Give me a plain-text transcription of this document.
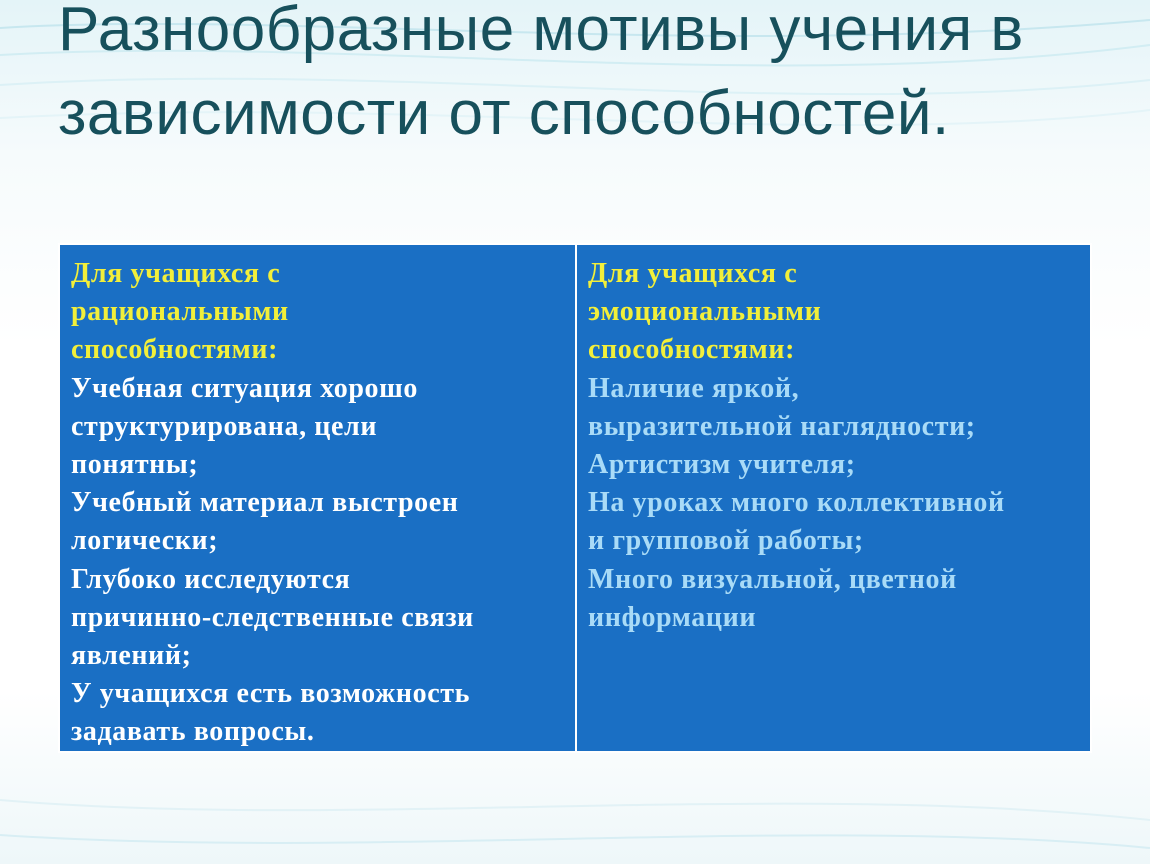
Разнообразные мотивы учения в
зависимости от способностей.
Для учащихся с
рациональными
способностями:
Учебная ситуация хорошо
структурирована, цели
понятны;
Учебный материал выстроен
логически;
Глубоко исследуются
причинно-следственные связи
явлений;
У учащихся есть возможность
задавать вопросы.
Для учащихся с
эмоциональными
способностями:
Наличие яркой,
выразительной наглядности;
Артистизм учителя;
На уроках много коллективной
и групповой работы;
Много визуальной, цветной
информации
